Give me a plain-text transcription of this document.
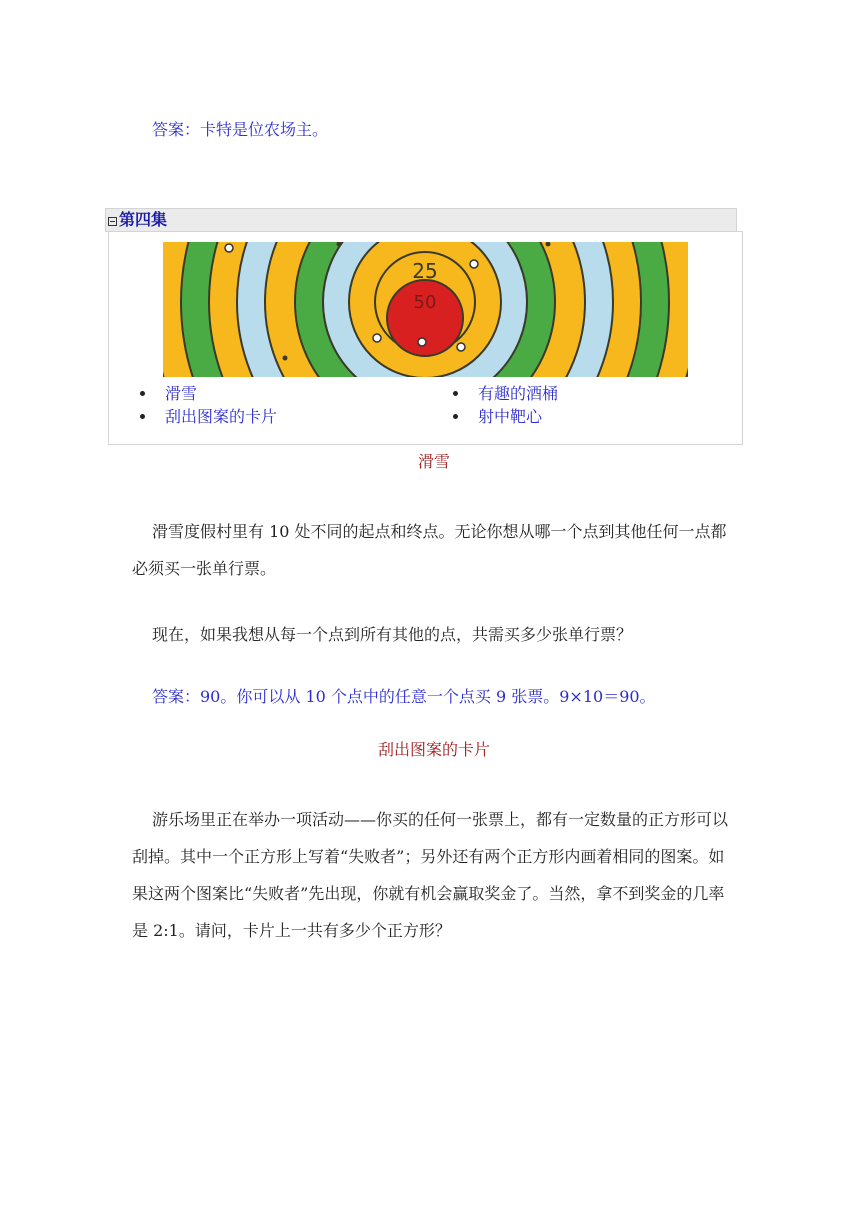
答案：卡特是位农场主。

第四集
25
50
滑雪	有趣的酒桶
刮出图案的卡片	射中靶心

滑雪

滑雪度假村里有 10 处不同的起点和终点。无论你想从哪一个点到其他任何一点都必须买一张单行票。

现在，如果我想从每一个点到所有其他的点，共需买多少张单行票？

答案：90。你可以从 10 个点中的任意一个点买 9 张票。9×10＝90。

刮出图案的卡片

游乐场里正在举办一项活动——你买的任何一张票上，都有一定数量的正方形可以刮掉。其中一个正方形上写着“失败者”；另外还有两个正方形内画着相同的图案。如果这两个图案比“失败者”先出现，你就有机会赢取奖金了。当然，拿不到奖金的几率是 2:1。请问，卡片上一共有多少个正方形？
